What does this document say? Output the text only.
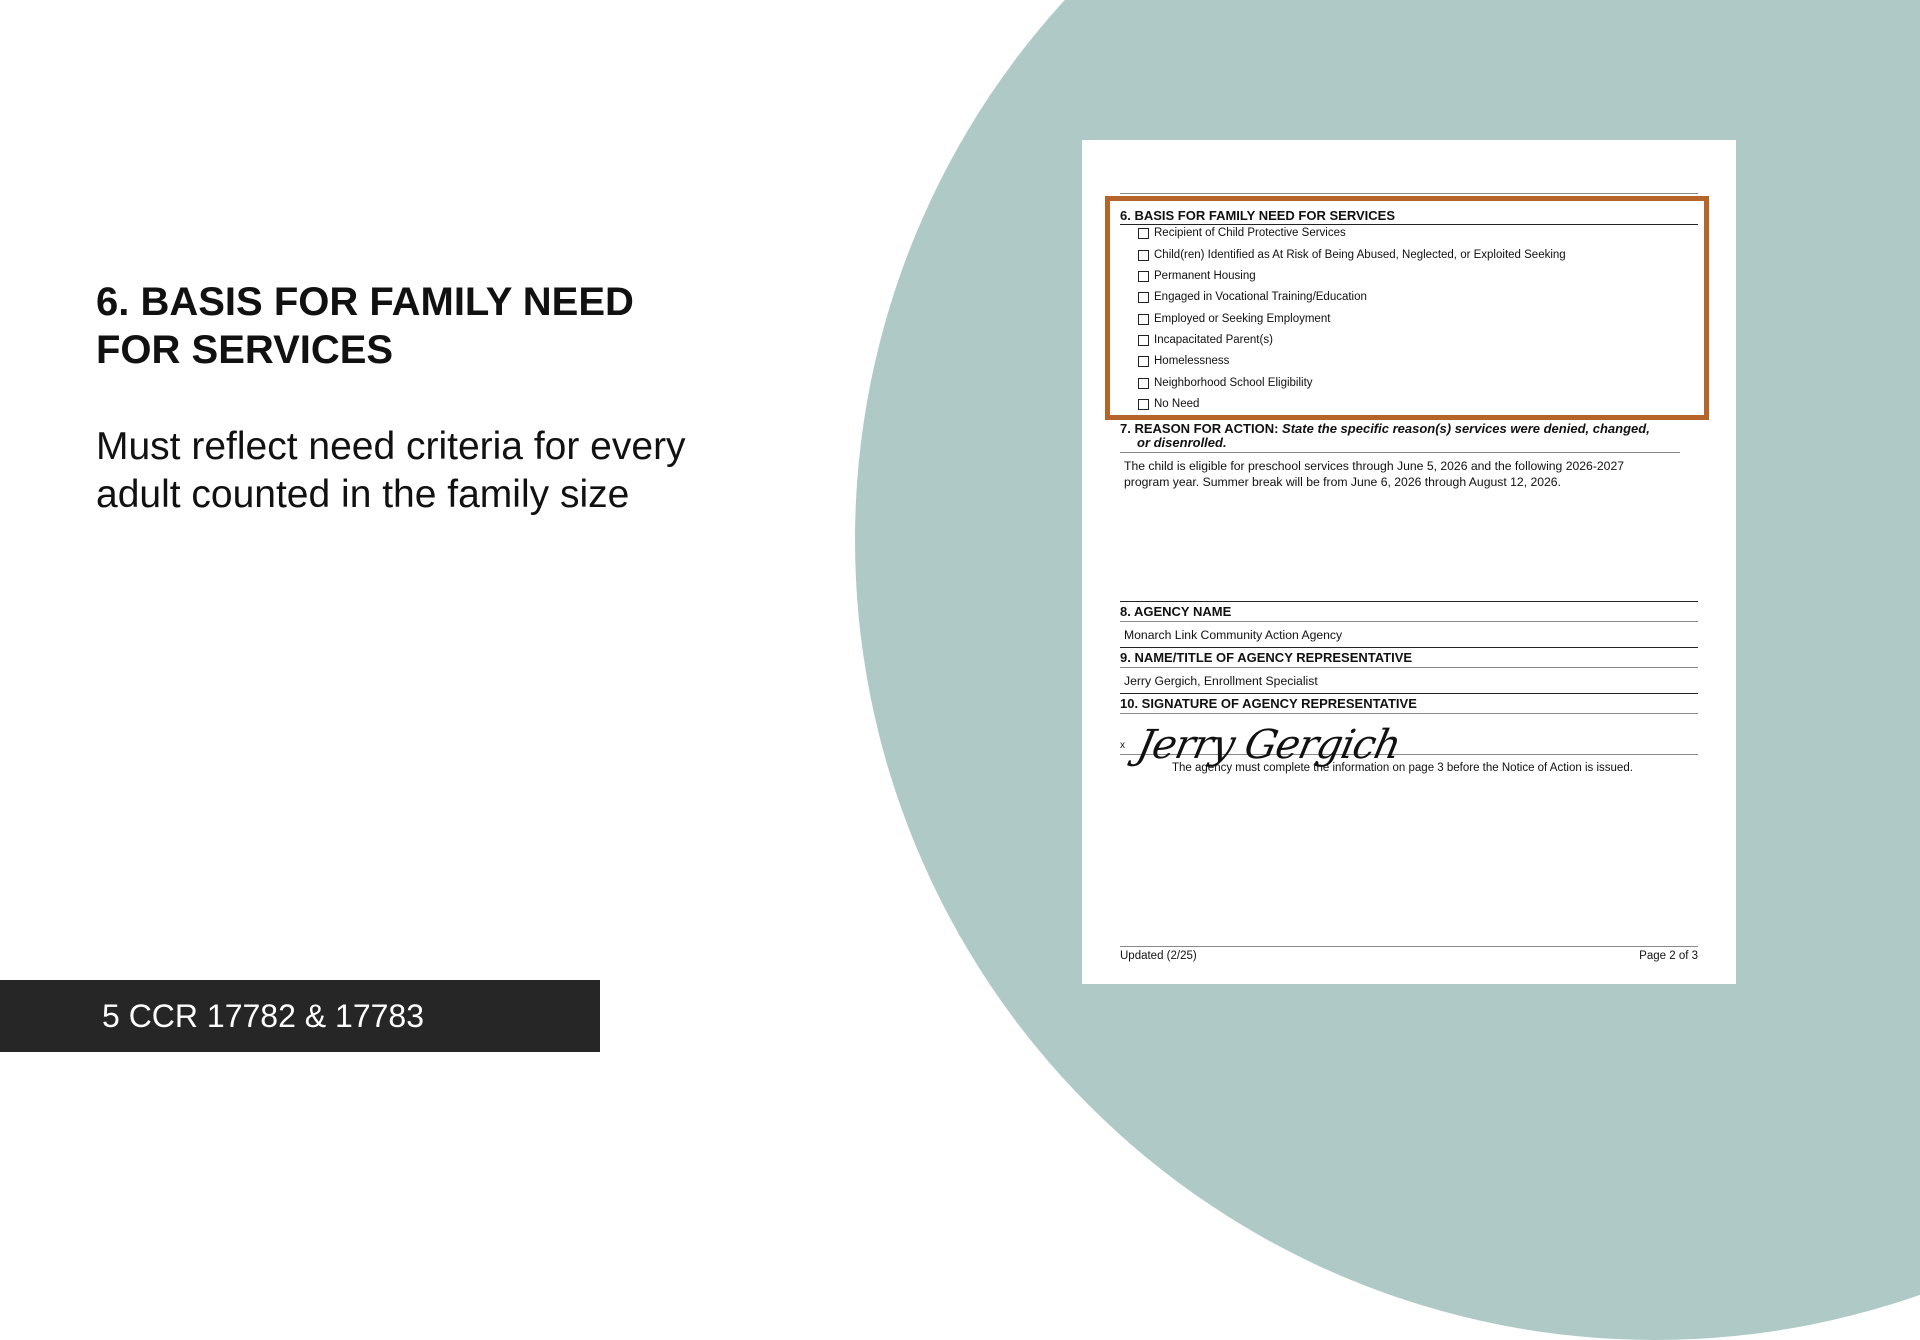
6. BASIS FOR FAMILY NEED FOR SERVICES

Must reflect need criteria for every adult counted in the family size

5 CCR 17782 & 17783
6. BASIS FOR FAMILY NEED FOR SERVICES
Recipient of Child Protective Services
Child(ren) Identified as At Risk of Being Abused, Neglected, or Exploited Seeking
Permanent Housing
Engaged in Vocational Training/Education
Employed or Seeking Employment
Incapacitated Parent(s)
Homelessness
Neighborhood School Eligibility
No Need
7. REASON FOR ACTION: State the specific reason(s) services were denied, changed,
or disenrolled.
The child is eligible for preschool services through June 5, 2026 and the following 2026-2027
program year. Summer break will be from June 6, 2026 through August 12, 2026.
8. AGENCY NAME
Monarch Link Community Action Agency
9. NAME/TITLE OF AGENCY REPRESENTATIVE
Jerry Gergich, Enrollment Specialist
10. SIGNATURE OF AGENCY REPRESENTATIVE
x
The agency must complete the information on page 3 before the Notice of Action is issued.
Jerry Gergich
Updated (2/25)	Page 2 of 3
